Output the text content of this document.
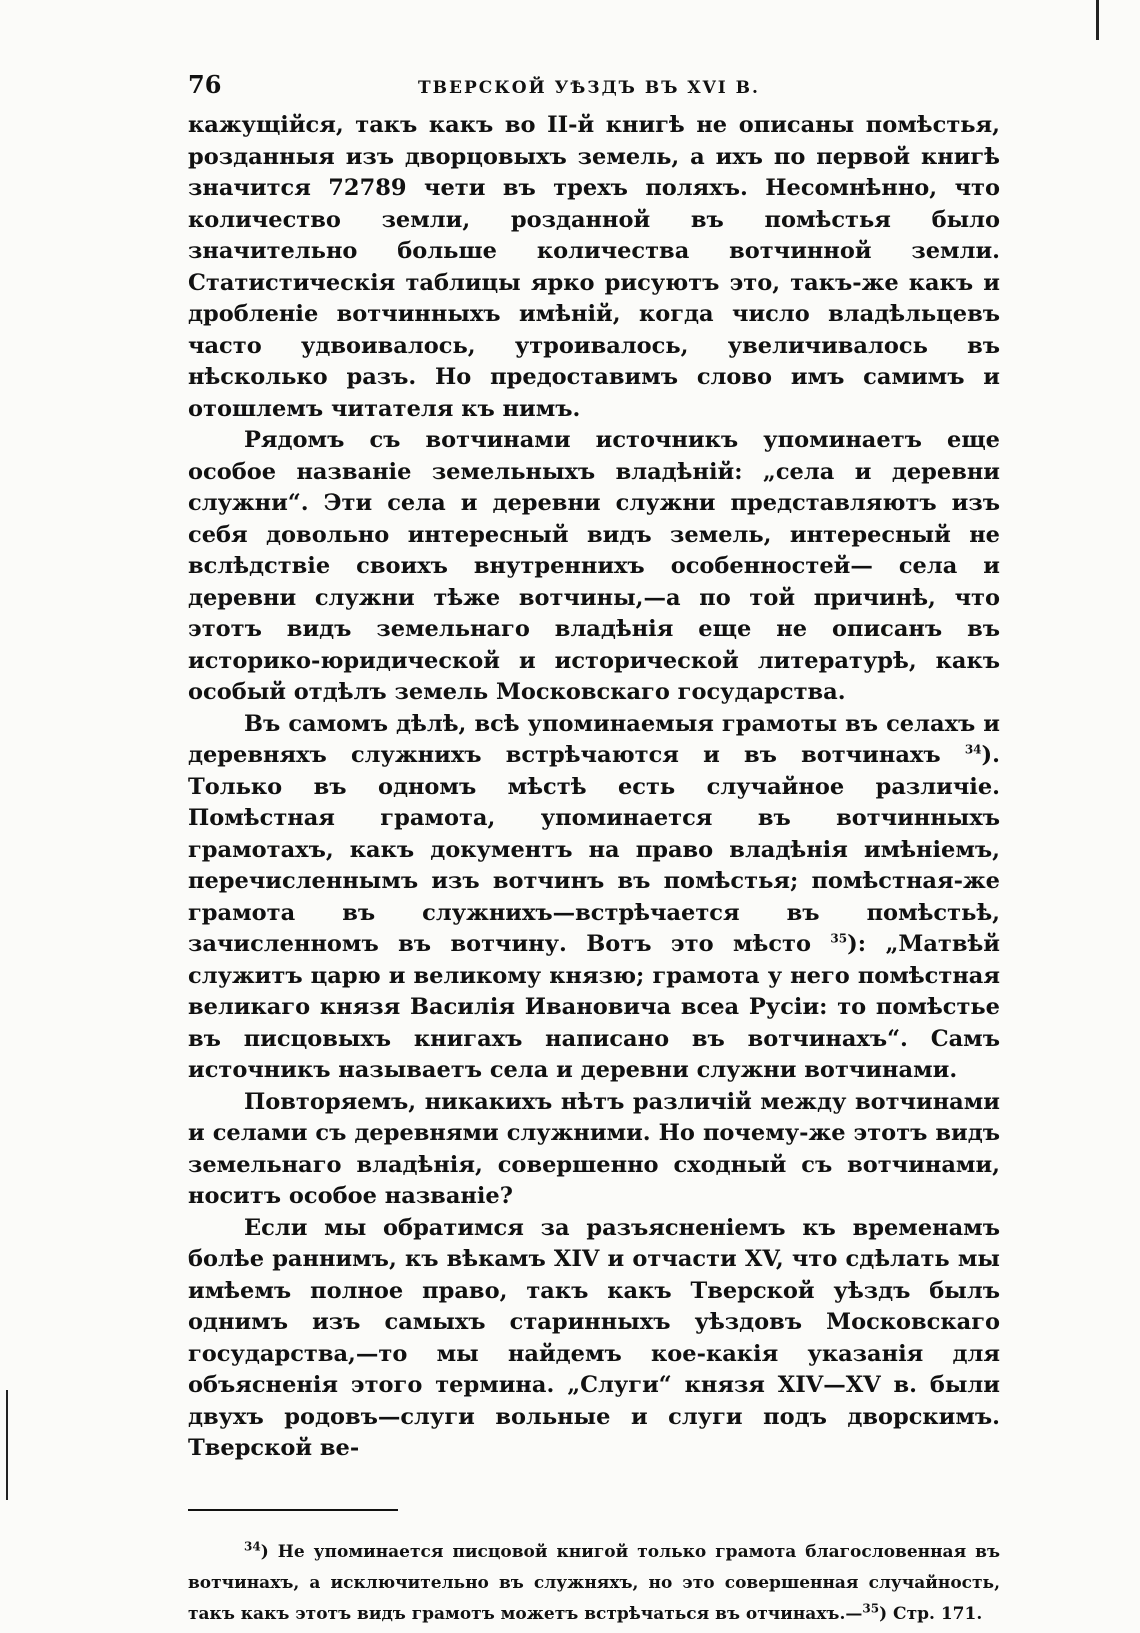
76	ТВЕРСКОЙ УѢЗДЪ ВЪ XVI В.

кажущійся, такъ какъ во II-й книгѣ не описаны помѣстья, розданныя изъ дворцовыхъ земель, а ихъ по первой книгѣ значится 72789 чети въ трехъ поляхъ. Несомнѣнно, что количество земли, розданной въ помѣстья было значительно больше количества вотчинной земли. Статистическія таблицы ярко рисуютъ это, такъ-же какъ и дробленіе вотчинныхъ имѣній, когда число владѣльцевъ часто удвоивалось, утроивалось, увеличивалось въ нѣсколько разъ. Но предоставимъ слово имъ самимъ и отошлемъ читателя къ нимъ.

Рядомъ съ вотчинами источникъ упоминаетъ еще особое названіе земельныхъ владѣній: „села и деревни служни“. Эти села и деревни служни представляютъ изъ себя довольно интересный видъ земель, интересный не вслѣдствіе своихъ внутреннихъ особенностей— села и деревни служни тѣже вотчины,—а по той причинѣ, что этотъ видъ земельнаго владѣнія еще не описанъ въ историко-юридической и исторической литературѣ, какъ особый отдѣлъ земель Московскаго государства.

Въ самомъ дѣлѣ, всѣ упоминаемыя грамоты въ селахъ и деревняхъ служнихъ встрѣчаются и въ вотчинахъ $^{34}$). Только въ одномъ мѣстѣ есть случайное различіе. Помѣстная грамота, упоминается въ вотчинныхъ грамотахъ, какъ документъ на право владѣнія имѣніемъ, перечисленнымъ изъ вотчинъ въ помѣстья; помѣстная-же грамота въ служнихъ—встрѣчается въ помѣстьѣ, зачисленномъ въ вотчину. Вотъ это мѣсто $^{35}$): „Матвѣй служитъ царю и великому князю; грамота у него помѣстная великаго князя Василія Ивановича всеа Русіи: то помѣстье въ писцовыхъ книгахъ написано въ вотчинахъ“. Самъ источникъ называетъ села и деревни служни вотчинами.

Повторяемъ, никакихъ нѣтъ различій между вотчинами и селами съ деревнями служними. Но почему-же этотъ видъ земельнаго владѣнія, совершенно сходный съ вотчинами, носитъ особое названіе?

Если мы обратимся за разъясненіемъ къ временамъ болѣе раннимъ, къ вѣкамъ XIV и отчасти XV, что сдѣлать мы имѣемъ полное право, такъ какъ Тверской уѣздъ былъ однимъ изъ самыхъ старинныхъ уѣздовъ Московскаго государства,—то мы найдемъ кое-какія указанія для объясненія этого термина. „Слуги“ князя XIV—XV в. были двухъ родовъ—слуги вольные и слуги подъ дворскимъ. Тверской ве-

$^{34}$) Не упоминается писцовой книгой только грамота благословенная въ вотчинахъ, а исключительно въ служняхъ, но это совершенная случайность, такъ какъ этотъ видъ грамотъ можетъ встрѣчаться въ отчинахъ.—$^{35}$) Стр. 171.
